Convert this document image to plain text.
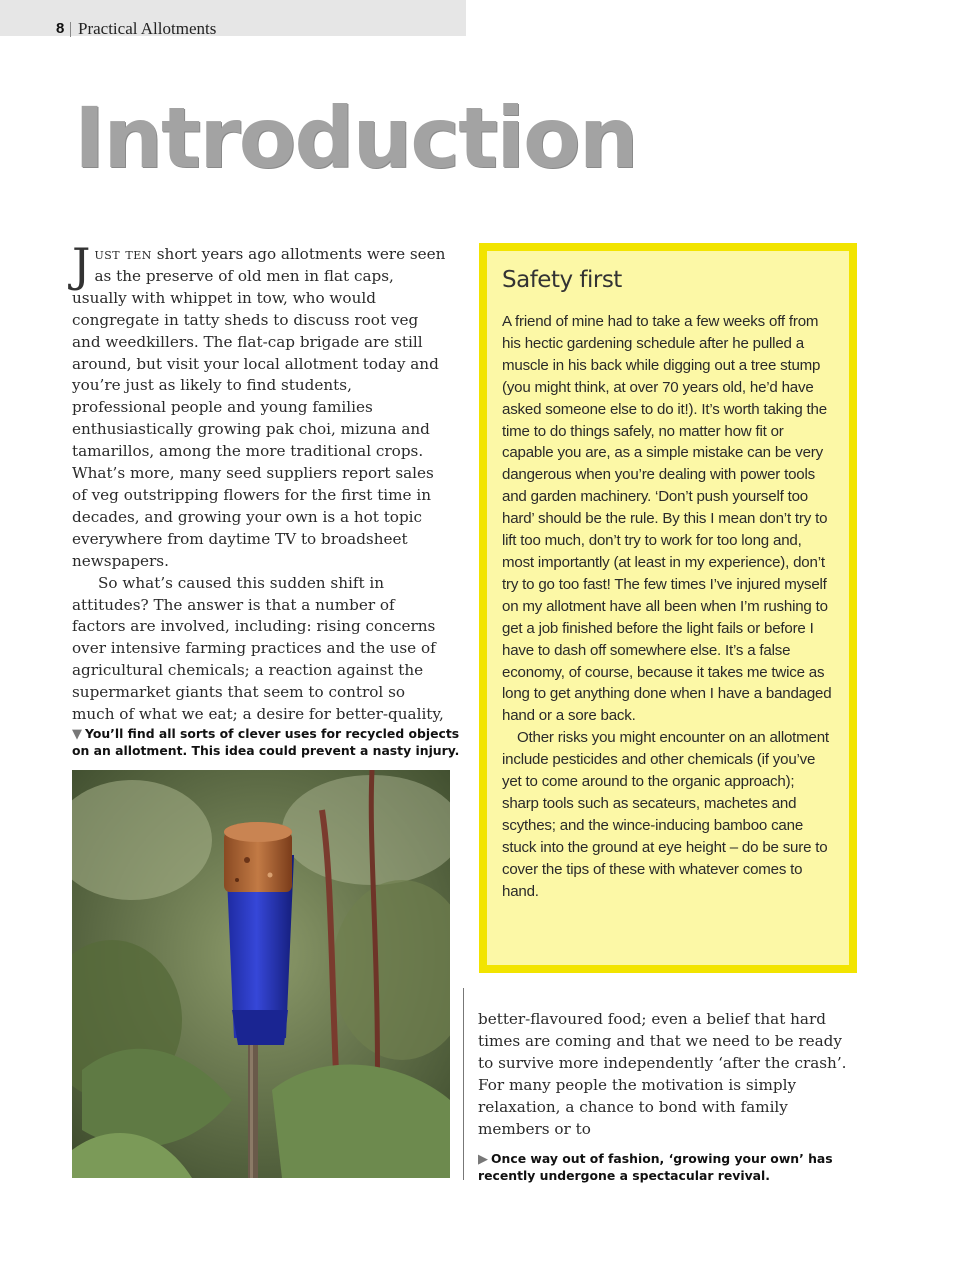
8 Practical Allotments
Introduction

Just ten short years ago allotments were seen as the preserve of old men in flat caps, usually with whippet in tow, who would congregate in tatty sheds to discuss root veg and weedkillers. The flat-cap brigade are still around, but visit your local allotment today and you’re just as likely to find students, professional people and young families enthusiastically growing pak choi, mizuna and tamarillos, among the more traditional crops. What’s more, many seed suppliers report sales of veg outstripping flowers for the first time in decades, and growing your own is a hot topic everywhere from daytime TV to broadsheet newspapers.

So what’s caused this sudden shift in attitudes? The answer is that a number of factors are involved, including: rising concerns over intensive farming practices and the use of agricultural chemicals; a reaction against the supermarket giants that seem to control so much of what we eat; a desire for better-quality,

▼ You’ll find all sorts of clever uses for recycled objects on an allotment. This idea could prevent a nasty injury.
Safety first

A friend of mine had to take a few weeks off from his hectic gardening schedule after he pulled a muscle in his back while digging out a tree stump (you might think, at over 70 years old, he’d have asked someone else to do it!). It’s worth taking the time to do things safely, no matter how fit or capable you are, as a simple mistake can be very dangerous when you’re dealing with power tools and garden machinery. ‘Don’t push yourself too hard’ should be the rule. By this I mean don’t try to lift too much, don’t try to work for too long and, most importantly (at least in my experience), don’t try to go too fast! The few times I’ve injured myself on my allotment have all been when I’m rushing to get a job finished before the light fails or before I have to dash off somewhere else. It’s a false economy, of course, because it takes me twice as long to get anything done when I have a bandaged hand or a sore back.

Other risks you might encounter on an allotment include pesticides and other chemicals (if you’ve yet to come around to the organic approach); sharp tools such as secateurs, machetes and scythes; and the wince-inducing bamboo cane stuck into the ground at eye height – do be sure to cover the tips of these with whatever comes to hand.

better-flavoured food; even a belief that hard times are coming and that we need to be ready to survive more independently ‘after the crash’. For many people the motivation is simply relaxation, a chance to bond with family members or to

▶ Once way out of fashion, ‘growing your own’ has recently undergone a spectacular revival.
